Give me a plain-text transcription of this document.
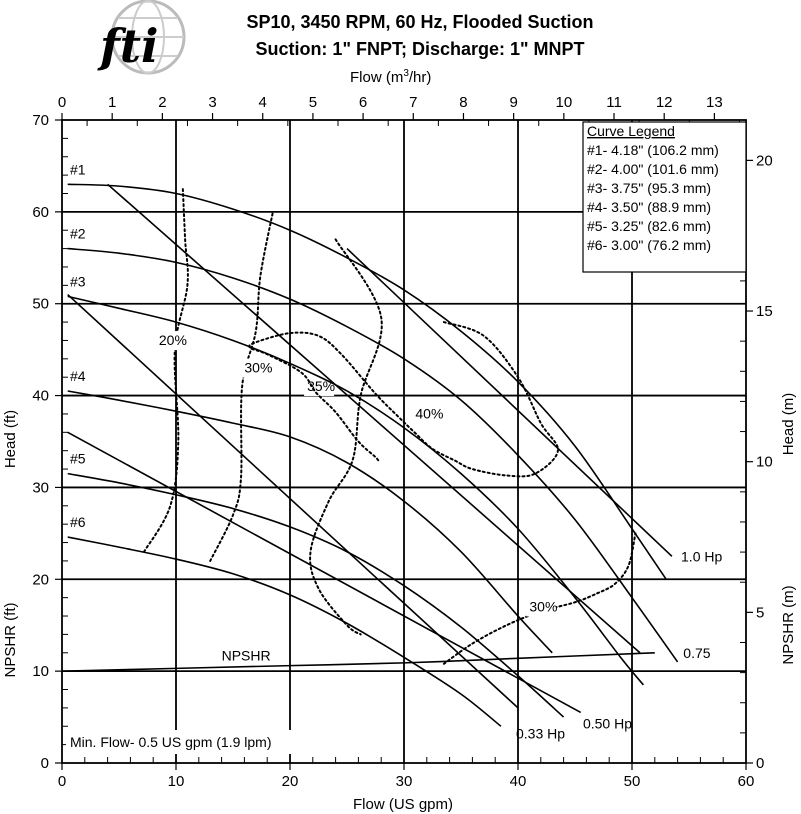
fti	SP10, 3450 RPM, 60 Hz, Flooded Suction
Suction: 1" FNPT; Discharge: 1" MNPT
Flow $(m^3/hr)$
Flow (US gpm)
Head (ft)
NPSHR (ft)
Head (m)
NPSHR (m)
0	10	20	30	40	50	60
0
10
20
30
40
50
60
70
0	1	2	3	4	5	6	7	8	9	10 11 12 13
0
5
10
15
20
20%
30%
35%
40%
30%
0.33 Hp
0.50 Hp
0.75
1.0 Hp
#1
#2
#3
#4
#5
#6
NPSHR
Curve Legend
#1- 4.18" (106.2 mm)
#2- 4.00" (101.6 mm)
#3- 3.75" (95.3 mm)
#4- 3.50" (88.9 mm)
#5- 3.25" (82.6 mm)
#6- 3.00" (76.2 mm)
Min. Flow- 0.5 US gpm (1.9 lpm)
